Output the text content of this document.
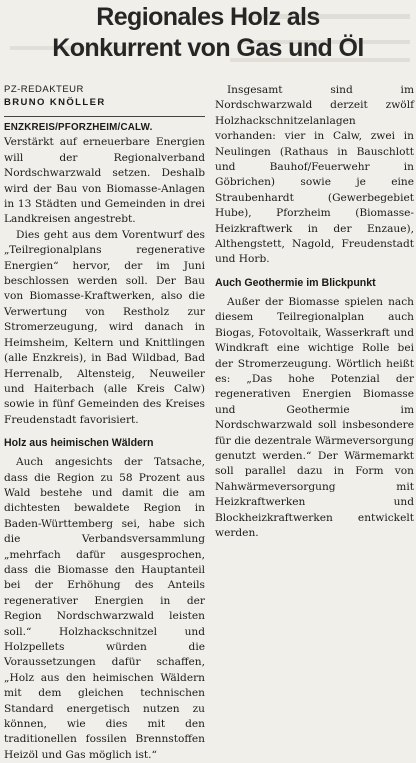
Regionales Holz als
Konkurrent von Gas und Öl
PZ-REDAKTEUR
BRUNO KNÖLLER

ENZKREIS/PFORZHEIM/CALW. Verstärkt auf erneuerbare Energien will der Regionalverband Nordschwarzwald setzen. Deshalb wird der Bau von Biomasse-Anlagen in 13 Städten und Gemeinden in drei Landkreisen angestrebt.

Dies geht aus dem Vorentwurf des „Teilregionalplans regenerative Energien“ hervor, der im Juni beschlossen werden soll. Der Bau von Biomasse-Kraftwerken, also die Verwertung von Restholz zur Stromerzeugung, wird danach in Heimsheim, Keltern und Knittlingen (alle Enzkreis), in Bad Wildbad, Bad Herrenalb, Altensteig, Neuweiler und Haiterbach (alle Kreis Calw) sowie in fünf Gemeinden des Kreises Freudenstadt favorisiert.

Holz aus heimischen Wäldern

Auch angesichts der Tatsache, dass die Region zu 58 Prozent aus Wald bestehe und damit die am dichtesten bewaldete Region in Baden-Württemberg sei, habe sich die Verbandsversammlung „mehrfach dafür ausgesprochen, dass die Biomasse den Hauptanteil bei der Erhöhung des Anteils regenerativer Energien in der Region Nordschwarzwald leisten soll.“ Holzhackschnitzel und Holzpellets würden die Voraussetzungen dafür schaffen, „Holz aus den heimischen Wäldern mit dem gleichen technischen Standard energetisch nutzen zu können, wie dies mit den traditionellen fossilen Brennstoffen Heizöl und Gas möglich ist.“

Insgesamt sind im Nordschwarzwald derzeit zwölf Holzhackschnitzelanlagen vorhanden: vier in Calw, zwei in Neulingen (Rathaus in Bauschlott und Bauhof/Feuerwehr in Göbrichen) sowie je eine Straubenhardt (Gewerbegebiet Hube), Pforzheim (Biomasse-Heizkraftwerk in der Enzaue), Althengstett, Nagold, Freudenstadt und Horb.

Auch Geothermie im Blickpunkt

Außer der Biomasse spielen nach diesem Teilregionalplan auch Biogas, Fotovoltaik, Wasserkraft und Windkraft eine wichtige Rolle bei der Stromerzeugung. Wörtlich heißt es: „Das hohe Potenzial der regenerativen Energien Biomasse und Geothermie im Nordschwarzwald soll insbesondere für die dezentrale Wärmeversorgung genutzt werden.“ Der Wärmemarkt soll parallel dazu in Form von Nahwärmeversorgung mit Heizkraftwerken und Blockheizkraftwerken entwickelt werden.
